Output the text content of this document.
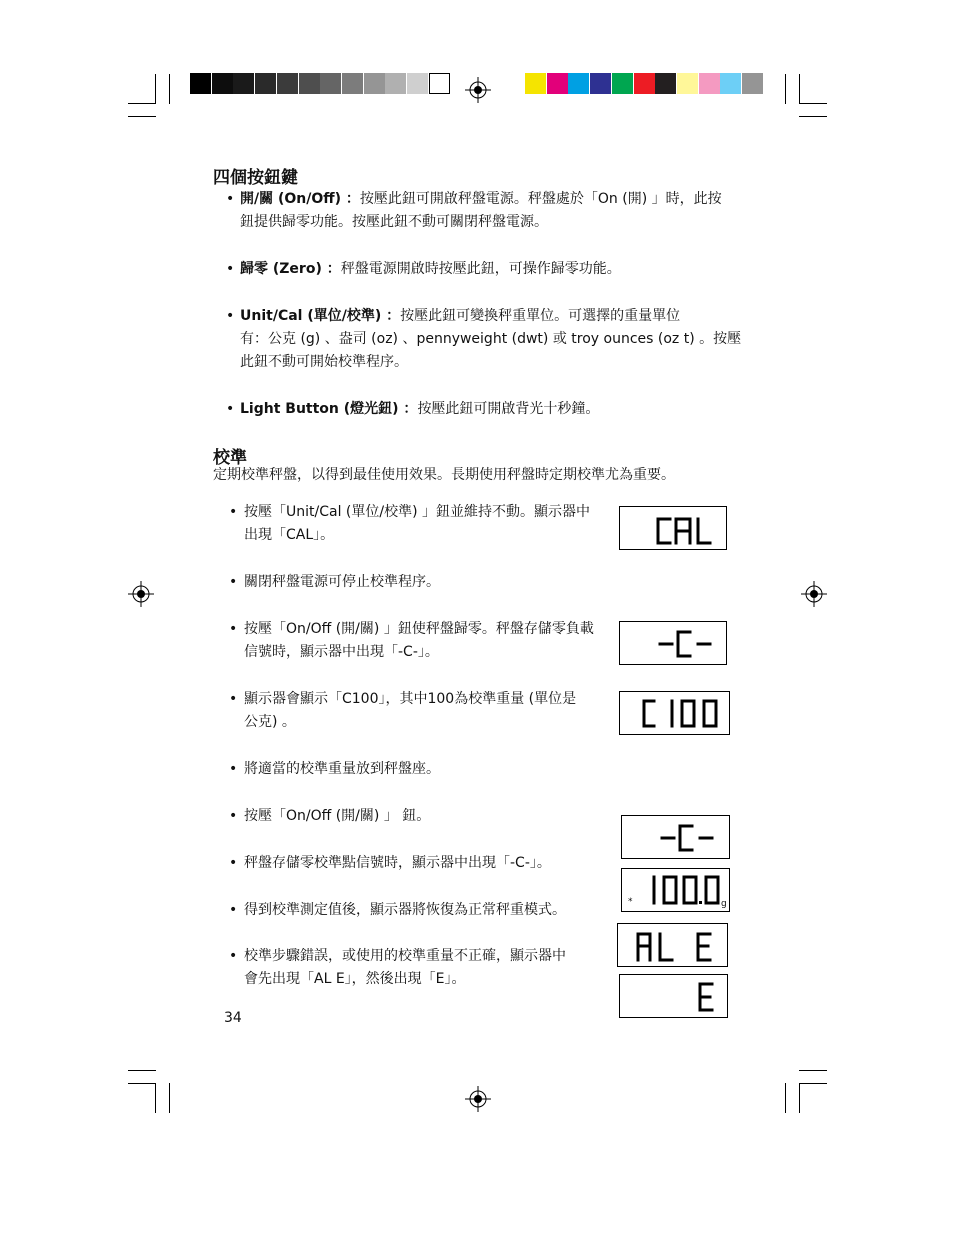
四個按鈕鍵
• 開/關 (On/Off) ：按壓此鈕可開啟秤盤電源。秤盤處於「On (開) 」時，此按
鈕提供歸零功能。按壓此鈕不動可關閉秤盤電源。
• 歸零 (Zero) ：秤盤電源開啟時按壓此鈕，可操作歸零功能。
• Unit/Cal (單位/校準) ：按壓此鈕可變換秤重單位。可選擇的重量單位
有：公克 (g) 、盎司 (oz) 、pennyweight (dwt) 或 troy ounces (oz t) 。按壓
此鈕不動可開始校準程序。
• Light Button (燈光鈕) ：按壓此鈕可開啟背光十秒鐘。
校準
定期校準秤盤，以得到最佳使用效果。長期使用秤盤時定期校準尤為重要。
• 按壓「Unit/Cal (單位/校準) 」鈕並維持不動。顯示器中
出現「CAL」。
• 關閉秤盤電源可停止校準程序。
• 按壓「On/Off (開/關) 」鈕使秤盤歸零。秤盤存儲零負載
信號時，顯示器中出現「-C-」。
• 顯示器會顯示「C100」，其中100為校準重量 (單位是
公克) 。
• 將適當的校準重量放到秤盤座。
• 按壓「On/Off (開/關) 」 鈕。
• 秤盤存儲零校準點信號時，顯示器中出現「-C-」。
• 得到校準測定值後，顯示器將恢復為正常秤重模式。
• 校準步驟錯誤，或使用的校準重量不正確，顯示器中
會先出現「AL E」，然後出現「E」。
*	g
34
